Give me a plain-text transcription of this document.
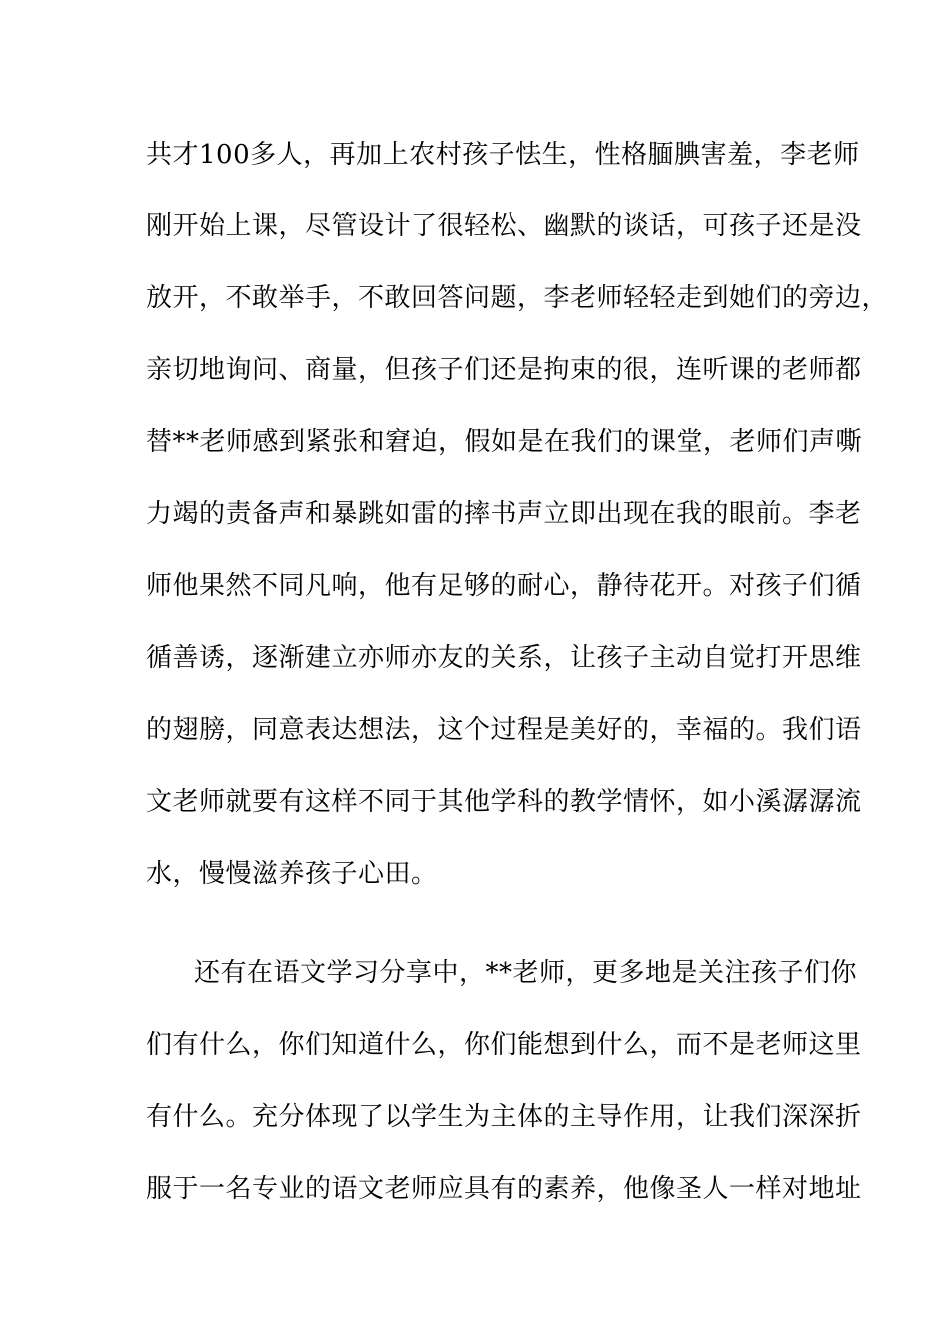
共才100多人，再加上农村孩子怯生，性格腼腆害羞，李老师
刚开始上课，尽管设计了很轻松、幽默的谈话，可孩子还是没
放开，不敢举手，不敢回答问题，李老师轻轻走到她们的旁边，
亲切地询问、商量，但孩子们还是拘束的很，连听课的老师都
替**老师感到紧张和窘迫，假如是在我们的课堂，老师们声嘶
力竭的责备声和暴跳如雷的摔书声立即出现在我的眼前。李老
师他果然不同凡响，他有足够的耐心，静待花开。对孩子们循
循善诱，逐渐建立亦师亦友的关系，让孩子主动自觉打开思维
的翅膀，同意表达想法，这个过程是美好的，幸福的。我们语
文老师就要有这样不同于其他学科的教学情怀，如小溪潺潺流
水，慢慢滋养孩子心田。
还有在语文学习分享中，**老师，更多地是关注孩子们你
们有什么，你们知道什么，你们能想到什么，而不是老师这里
有什么。充分体现了以学生为主体的主导作用，让我们深深折
服于一名专业的语文老师应具有的素养，他像圣人一样对地址
